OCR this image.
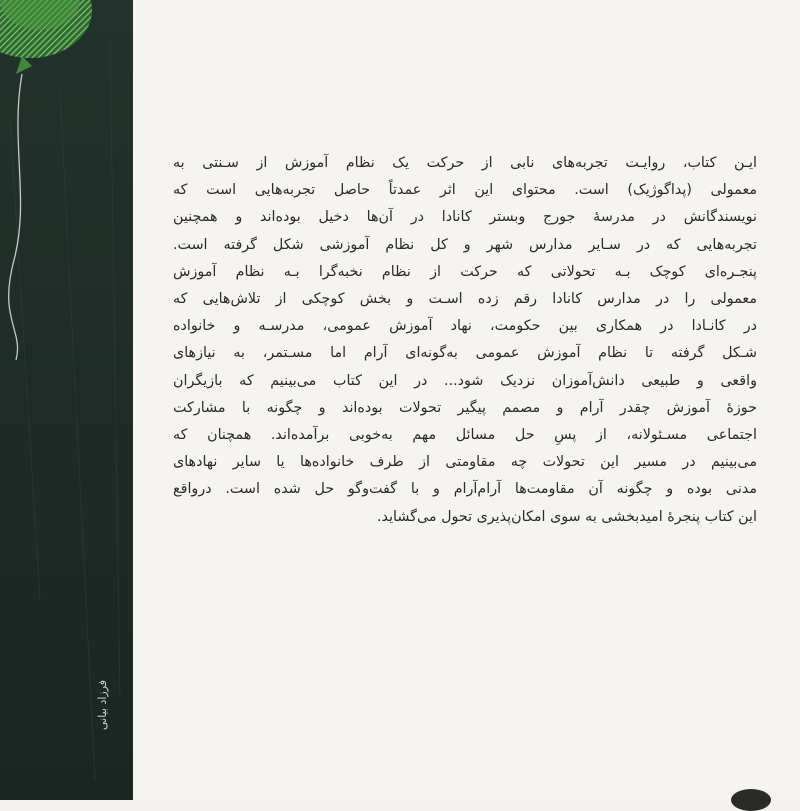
فرزاد بیانی

ایـن کتاب، روایـت تجربه‌های نابی از حرکت یک نظام آموزش از سـنتی به
معمولی (پداگوژیک) است. محتوای این اثر عمدتاً حاصل تجربه‌هایی است که
نویسندگانش در مدرسهٔ جورج وبستر کانادا در آن‌ها دخیل بوده‌اند و همچنین
تجربه‌هایی که در سـایر مدارس شهر و کل نظام آموزشی شکل گرفته است.
پنجـره‌ای کوچک بـه تحولاتی که حرکت از نظام نخبه‌گرا بـه نظام آموزش
معمولی را در مدارس کانادا رقم زده اسـت و بخش کوچکی از تلاش‌هایی که
در کانـادا در همکاری بین حکومت، نهاد آموزش عمومی، مدرسـه و خانواده
شـکل گرفته تا نظام آموزش عمومی به‌گونه‌ای آرام اما مسـتمر، به نیازهای
واقعی و طبیعی دانش‌آموزان نزدیک شود... در این کتاب می‌بینیم که بازیگران
حوزهٔ آموزش چقدر آرام و مصمم پیگیر تحولات بوده‌اند و چگونه با مشارکت
اجتماعی مسـئولانه، از پسِ حل مسائل مهم به‌خوبی برآمده‌اند. همچنان که
می‌بینیم در مسیر این تحولات چه مقاومتی از طرف خانواده‌ها یا سایر نهادهای
مدنی بوده و چگونه آن مقاومت‌ها آرام‌آرام و با گفت‌وگو حل شده است. درواقع
این کتاب پنجرهٔ امیدبخشی به سوی امکان‌پذیری تحول می‌گشاید.
